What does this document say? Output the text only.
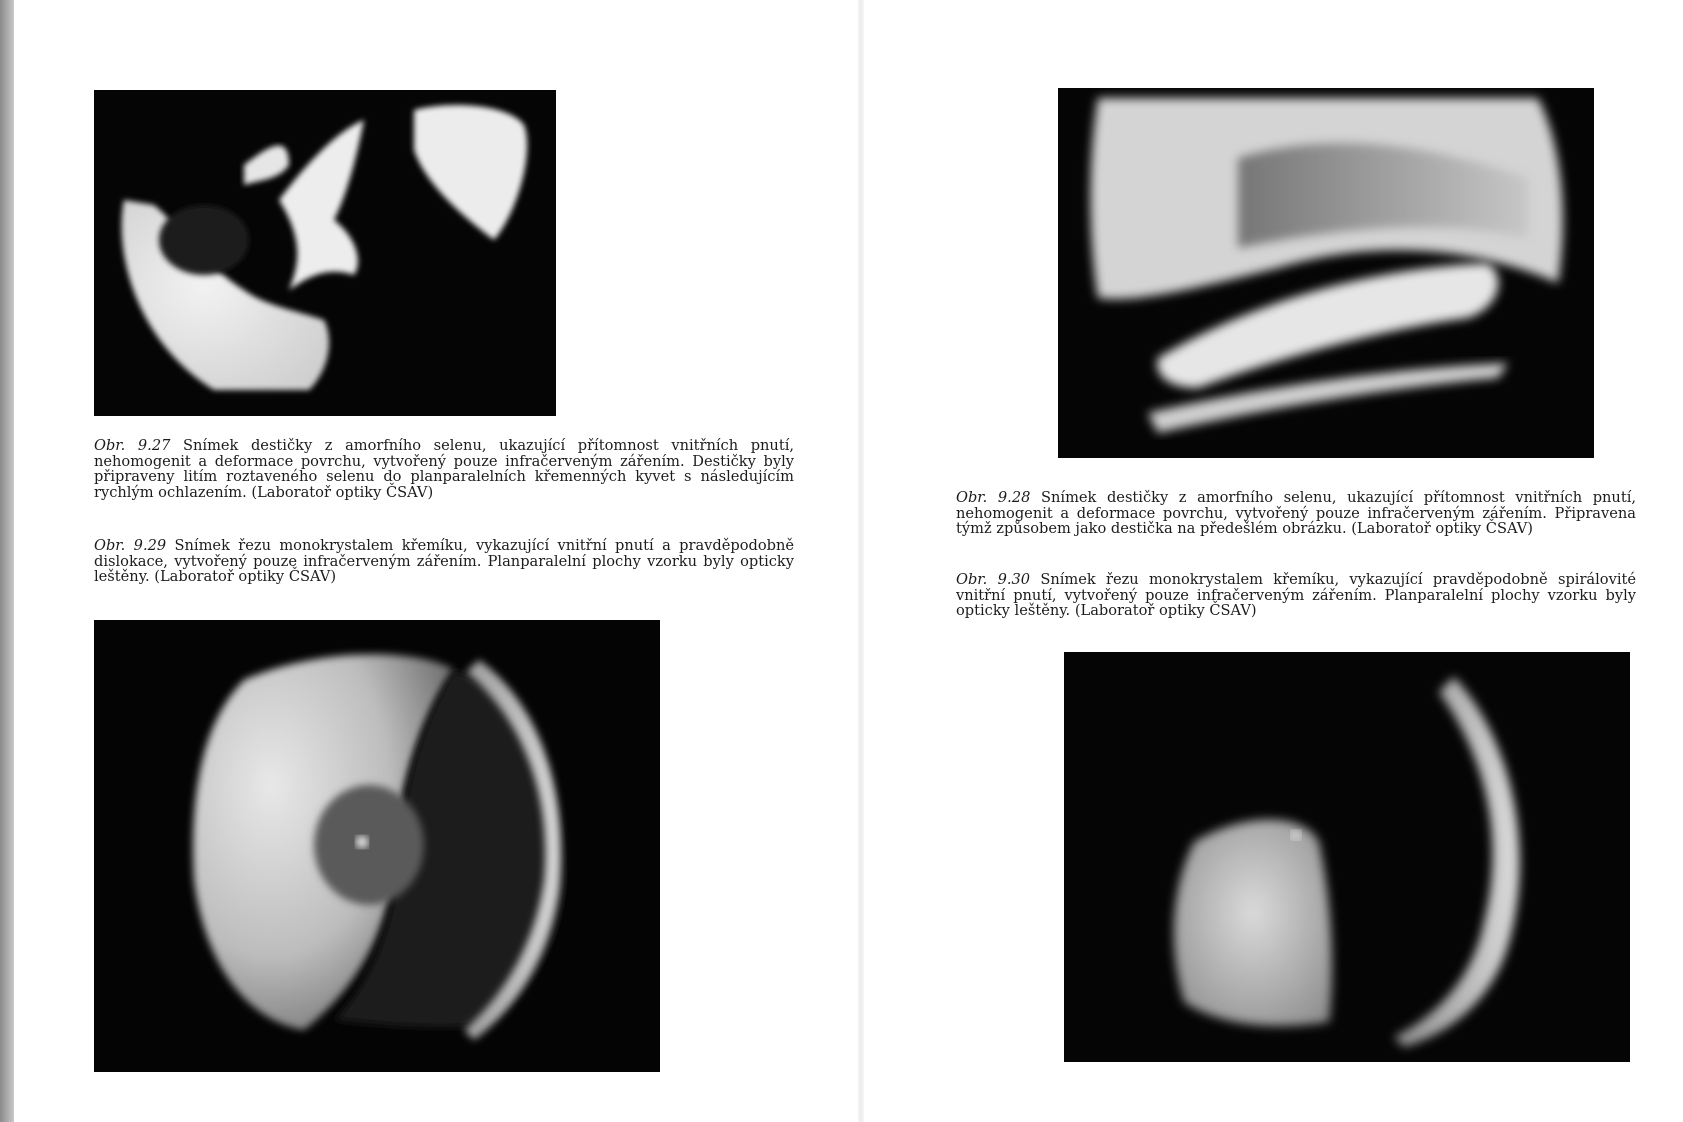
Obr. 9.27 Snímek destičky z amorfního selenu, ukazující přítomnost vnitřních pnutí, nehomogenit a deformace povrchu, vytvořený pouze infračerveným zářením. Destičky byly připraveny litím roztaveného selenu do planparalelních křemenných kyvet s následujícím rychlým ochlazením. (Laboratoř optiky ČSAV)

Obr. 9.29 Snímek řezu monokrystalem křemíku, vykazující vnitřní pnutí a pravděpodobně dislokace, vytvořený pouze infračerveným zářením. Planparalelní plochy vzorku byly opticky leštěny. (Laboratoř optiky ČSAV)

Obr. 9.28 Snímek destičky z amorfního selenu, ukazující přítomnost vnitřních pnutí, nehomogenit a deformace povrchu, vytvořený pouze infračerveným zářením. Připravena týmž způsobem jako destička na předešlém obrázku. (Laboratoř optiky ČSAV)

Obr. 9.30 Snímek řezu monokrystalem křemíku, vykazující pravděpodobně spirálovité vnitřní pnutí, vytvořený pouze infračerveným zářením. Planparalelní plochy vzorku byly opticky leštěny. (Laboratoř optiky ČSAV)
